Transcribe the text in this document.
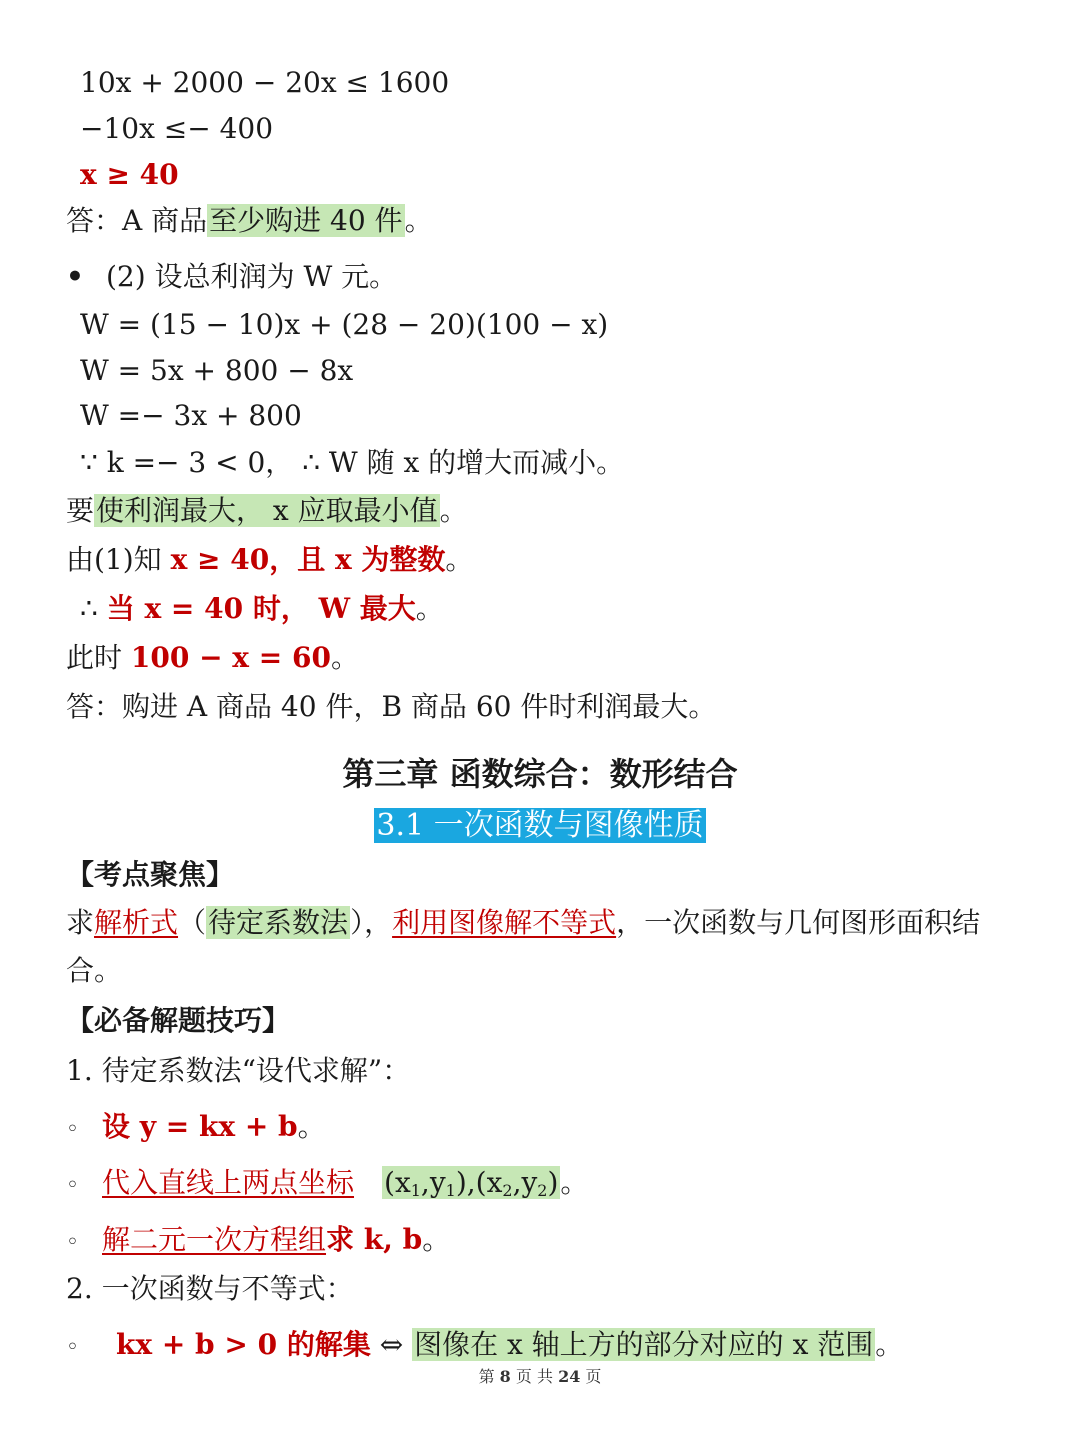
10x + 2000 − 20x ≤ 1600
−10x ≤− 400
x ≥ 40
答：A 商品至少购进 40 件。
• (2) 设总利润为 W 元。
W = (15 − 10)x + (28 − 20)(100 − x)
W = 5x + 800 − 8x
W =− 3x + 800
∵ k =− 3 < 0， ∴ W 随 x 的增大而减小。
要使利润最大， x 应取最小值。
由(1)知 x ≥ 40，且 x 为整数。
∴ 当 x = 40 时， W 最大。
此时 100 − x = 60。
答：购进 A 商品 40 件，B 商品 60 件时利润最大。
第三章 函数综合：数形结合
3.1 一次函数与图像性质
【考点聚焦】
求解析式（待定系数法），利用图像解不等式，一次函数与几何图形面积结
合。
【必备解题技巧】
1. 待定系数法“设代求解”：
◦ 设 y = kx + b。
◦ 代入直线上两点坐标 $(x_1,y_1),(x_2,y_2)$。
◦ 解二元一次方程组求 k, b。
2. 一次函数与不等式：
◦ kx + b > 0 的解集 ⇔ 图像在 x 轴上方的部分对应的 x 范围。
第 8 页 共 24 页
